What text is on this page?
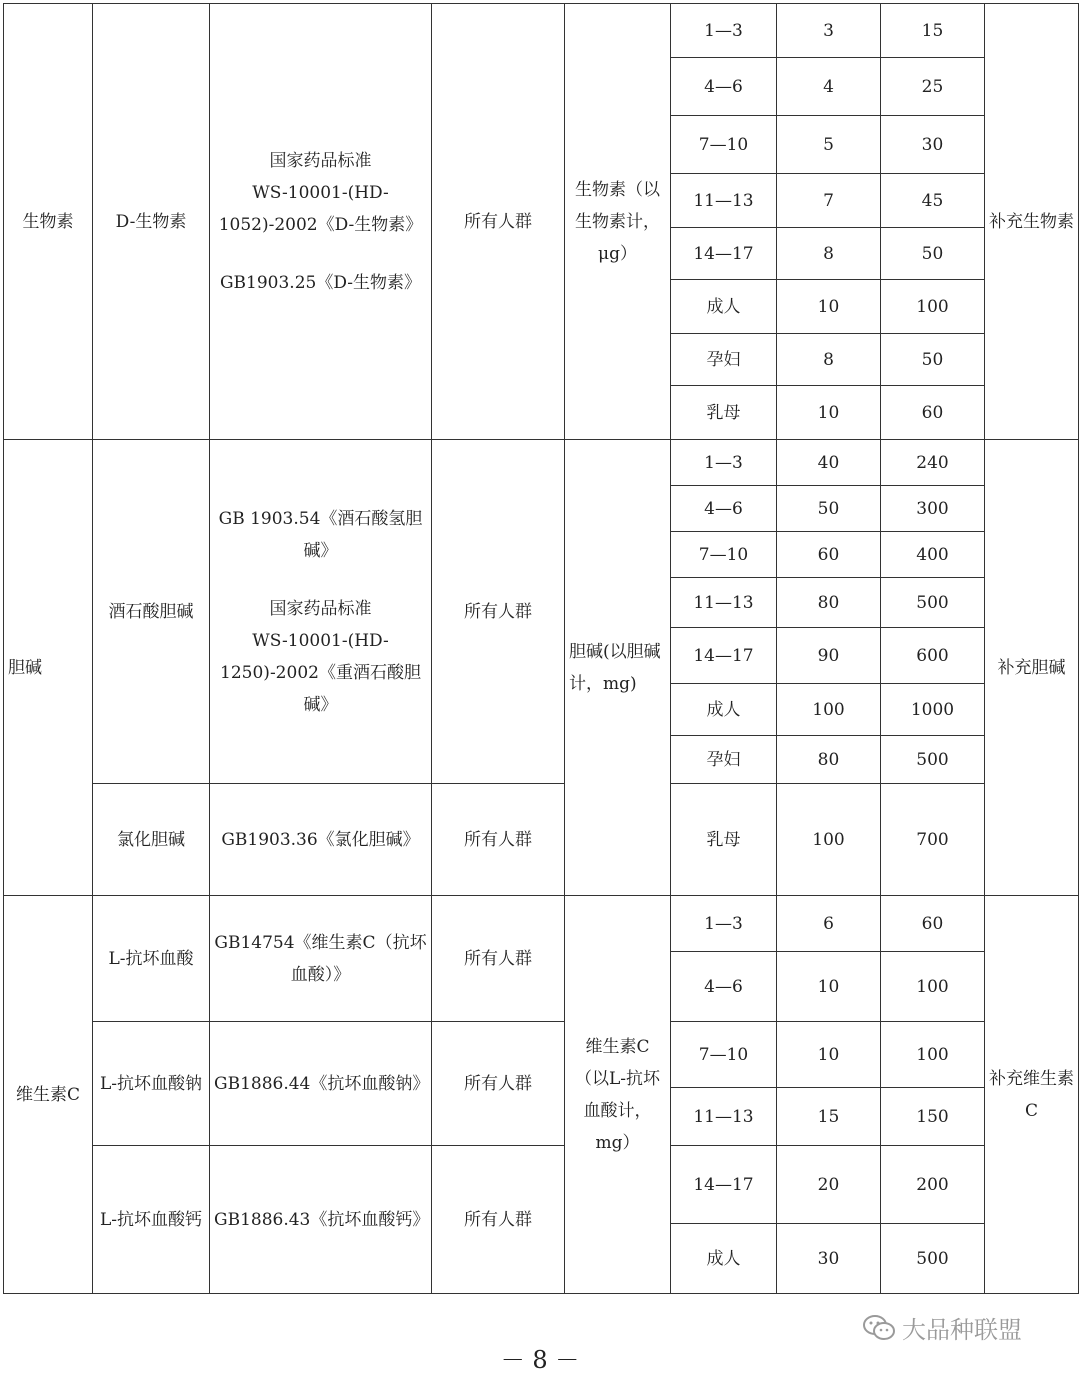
生物素	D-生物素	国家药品标准
WS-10001-(HD-1052)-2002《D-生物素》
GB1903.25《D-生物素》	所有人群	生物素（以生物素计，μg）	1—3	3	15	补充生物素
					4—6	4	25	
					7—10	5	30	
					11—13	7	45	
					14—17	8	50	
					成人	10	100	
					孕妇	8	50	
					乳母	10	60	
胆碱	酒石酸胆碱	GB 1903.54《酒石酸氢胆碱》
国家药品标准
WS-10001-(HD-1250)-2002《重酒石酸胆碱》	所有人群	胆碱(以胆碱计，mg)	1—3	40	240	补充胆碱
					4—6	50	300	
					7—10	60	400	
					11—13	80	500	
					14—17	90	600	
					成人	100	1000	
					孕妇	80	500	
	氯化胆碱	GB1903.36《氯化胆碱》	所有人群		乳母	100	700	
维生素C	L-抗坏血酸	GB14754《维生素C（抗坏血酸）》	所有人群	维生素C（以L-抗坏血酸计，mg）	1—3	6	60	补充维生素C
					4—6	10	100	
	L-抗坏血酸钠	GB1886.44《抗坏血酸钠》	所有人群		7—10	10	100	
					11—13	15	150	
	L-抗坏血酸钙	GB1886.43《抗坏血酸钙》	所有人群		14—17	20	200	
					成人	30	500	
大品种联盟
－ 8 －
